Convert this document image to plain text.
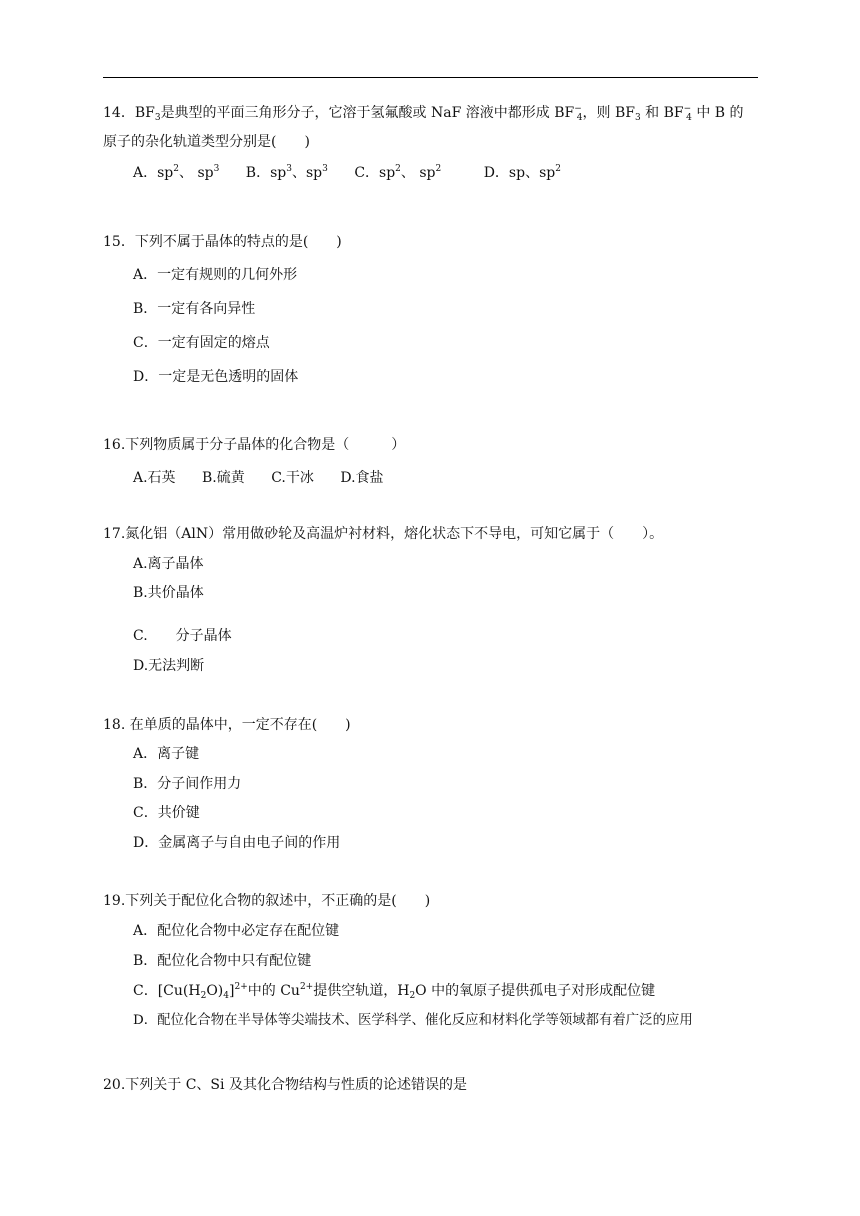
14．$BF_3$是典型的平面三角形分子，它溶于氢氟酸或 NaF 溶液中都形成 $BF^-_4$，则 $BF_3$ 和 $BF^-_4$ 中 B 的
原子的杂化轨道类型分别是(　　)
A．$sp^2$、 $sp^3$ B．$sp^3$、$sp^3$ C．$sp^2$、 $sp^2$	D．sp、$sp^2$
15．下列不属于晶体的特点的是(　　)
A．一定有规则的几何外形
B．一定有各向异性
C．一定有固定的熔点
D．一定是无色透明的固体
16.下列物质属于分子晶体的化合物是（　　　）
A.石英 B.硫黄 C.干冰 D.食盐
17.氮化铝（AlN）常用做砂轮及高温炉衬材料，熔化状态下不导电，可知它属于（　　）。
A.离子晶体
B.共价晶体
C.　　分子晶体
D.无法判断
18. 在单质的晶体中，一定不存在(　　)
A．离子键
B．分子间作用力
C．共价键
D．金属离子与自由电子间的作用
19.下列关于配位化合物的叙述中，不正确的是(　　)
A．配位化合物中必定存在配位键
B．配位化合物中只有配位键
C．$[Cu(H_2O)_4]^{2+}$中的 $Cu^{2+}$提供空轨道，$H_2O$ 中的氧原子提供孤电子对形成配位键
D．配位化合物在半导体等尖端技术、医学科学、催化反应和材料化学等领域都有着广泛的应用
20.下列关于 C、Si 及其化合物结构与性质的论述错误的是
